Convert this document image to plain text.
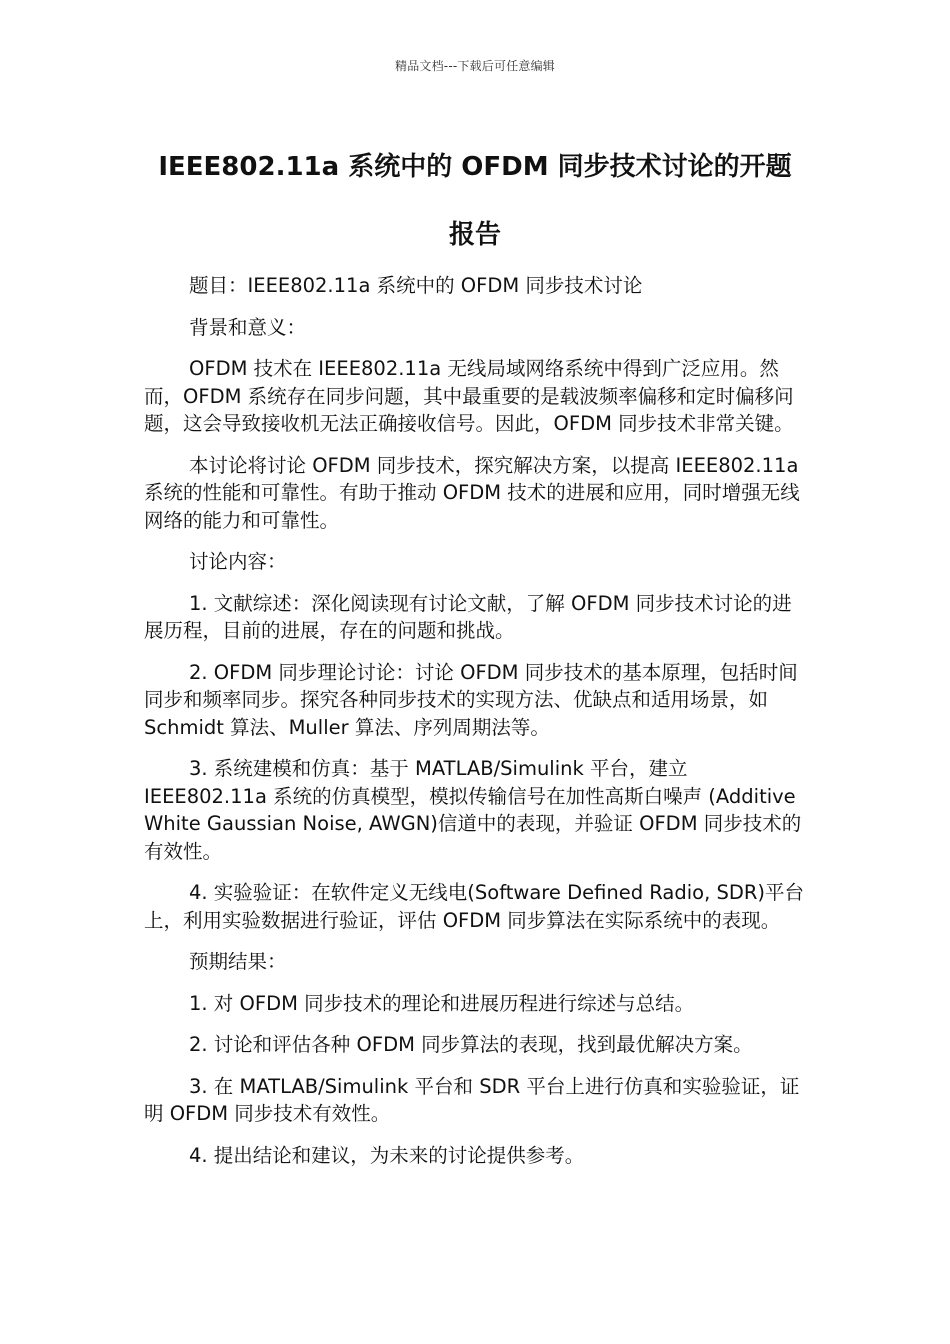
精品文档---下载后可任意编辑
IEEE802.11a 系统中的 OFDM 同步技术讨论的开题
报告

题目：IEEE802.11a 系统中的 OFDM 同步技术讨论

背景和意义：

OFDM 技术在 IEEE802.11a 无线局域网络系统中得到广泛应用。然而，OFDM 系统存在同步问题，其中最重要的是载波频率偏移和定时偏移问题，这会导致接收机无法正确接收信号。因此，OFDM 同步技术非常关键。

本讨论将讨论 OFDM 同步技术，探究解决方案，以提高 IEEE802.11a 系统的性能和可靠性。有助于推动 OFDM 技术的进展和应用，同时增强无线网络的能力和可靠性。

讨论内容：

1. 文献综述：深化阅读现有讨论文献，了解 OFDM 同步技术讨论的进展历程，目前的进展，存在的问题和挑战。

2. OFDM 同步理论讨论：讨论 OFDM 同步技术的基本原理，包括时间同步和频率同步。探究各种同步技术的实现方法、优缺点和适用场景，如 Schmidt 算法、Muller 算法、序列周期法等。

3. 系统建模和仿真：基于 MATLAB/Simulink 平台，建立 IEEE802.11a 系统的仿真模型，模拟传输信号在加性高斯白噪声 (Additive White Gaussian Noise, AWGN)信道中的表现，并验证 OFDM 同步技术的有效性。

4. 实验验证：在软件定义无线电(Software Defined Radio, SDR)平台上，利用实验数据进行验证，评估 OFDM 同步算法在实际系统中的表现。

预期结果：

1. 对 OFDM 同步技术的理论和进展历程进行综述与总结。

2. 讨论和评估各种 OFDM 同步算法的表现，找到最优解决方案。

3. 在 MATLAB/Simulink 平台和 SDR 平台上进行仿真和实验验证，证明 OFDM 同步技术有效性。

4. 提出结论和建议，为未来的讨论提供参考。
